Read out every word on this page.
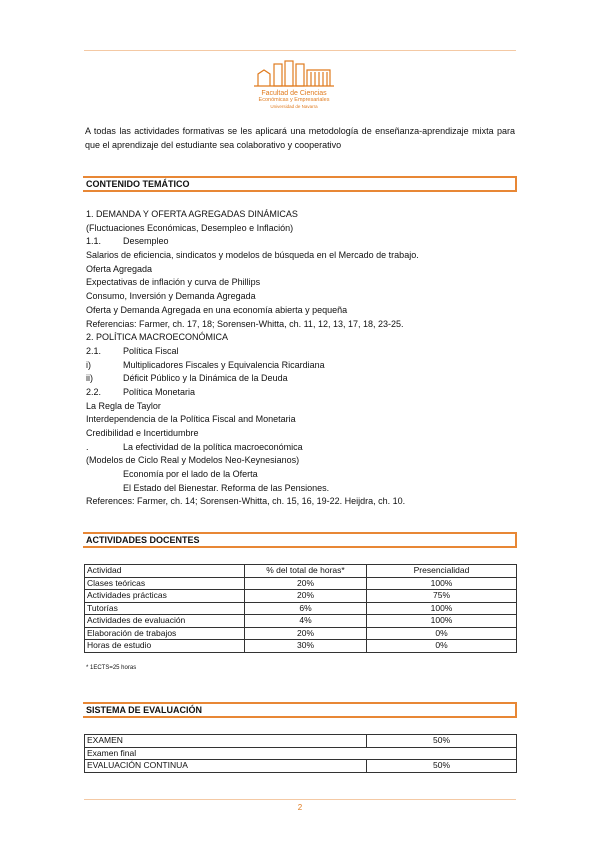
Facultad de Ciencias
Económicas y Empresariales
Universidad de Navarra
A todas las actividades formativas se les aplicará una metodología de enseñanza-aprendizaje mixta para que el aprendizaje del estudiante sea colaborativo y cooperativo
CONTENIDO TEMÁTICO
1. DEMANDA Y OFERTA AGREGADAS DINÁMICAS
(Fluctuaciones Económicas, Desempleo e Inflación)
1.1. Desempleo
Salarios de eficiencia, sindicatos y modelos de búsqueda en el Mercado de trabajo.
Oferta Agregada
Expectativas de inflación y curva de Phillips
Consumo, Inversión y Demanda Agregada
Oferta y Demanda Agregada en una economía abierta y pequeña
Referencias: Farmer, ch. 17, 18; Sorensen-Whitta, ch. 11, 12, 13, 17, 18, 23-25.
2. POLÍTICA MACROECONÓMICA
2.1. Política Fiscal
i)	Multiplicadores Fiscales y Equivalencia Ricardiana
ii)	Déficit Público y la Dinámica de la Deuda
2.2. Política Monetaria
La Regla de Taylor
Interdependencia de la Política Fiscal and Monetaria
Credibilidad e Incertidumbre
.	La efectividad de la política macroeconómica
(Modelos de Ciclo Real y Modelos Neo-Keynesianos)
Economía por el lado de la Oferta
El Estado del Bienestar. Reforma de las Pensiones.
References: Farmer, ch. 14; Sorensen-Whitta, ch. 15, 16, 19-22. Heijdra, ch. 10.
ACTIVIDADES DOCENTES
Actividad	% del total de horas*	Presencialidad
Clases teóricas	20%	100%
Actividades prácticas	20%	75%
Tutorías	6%	100%
Actividades de evaluación	4%	100%
Elaboración de trabajos	20%	0%
Horas de estudio	30%	0%
* 1ECTS=25 horas
SISTEMA DE EVALUACIÓN
EXAMEN	50%
Examen final	
EVALUACIÓN CONTINUA	50%
2
